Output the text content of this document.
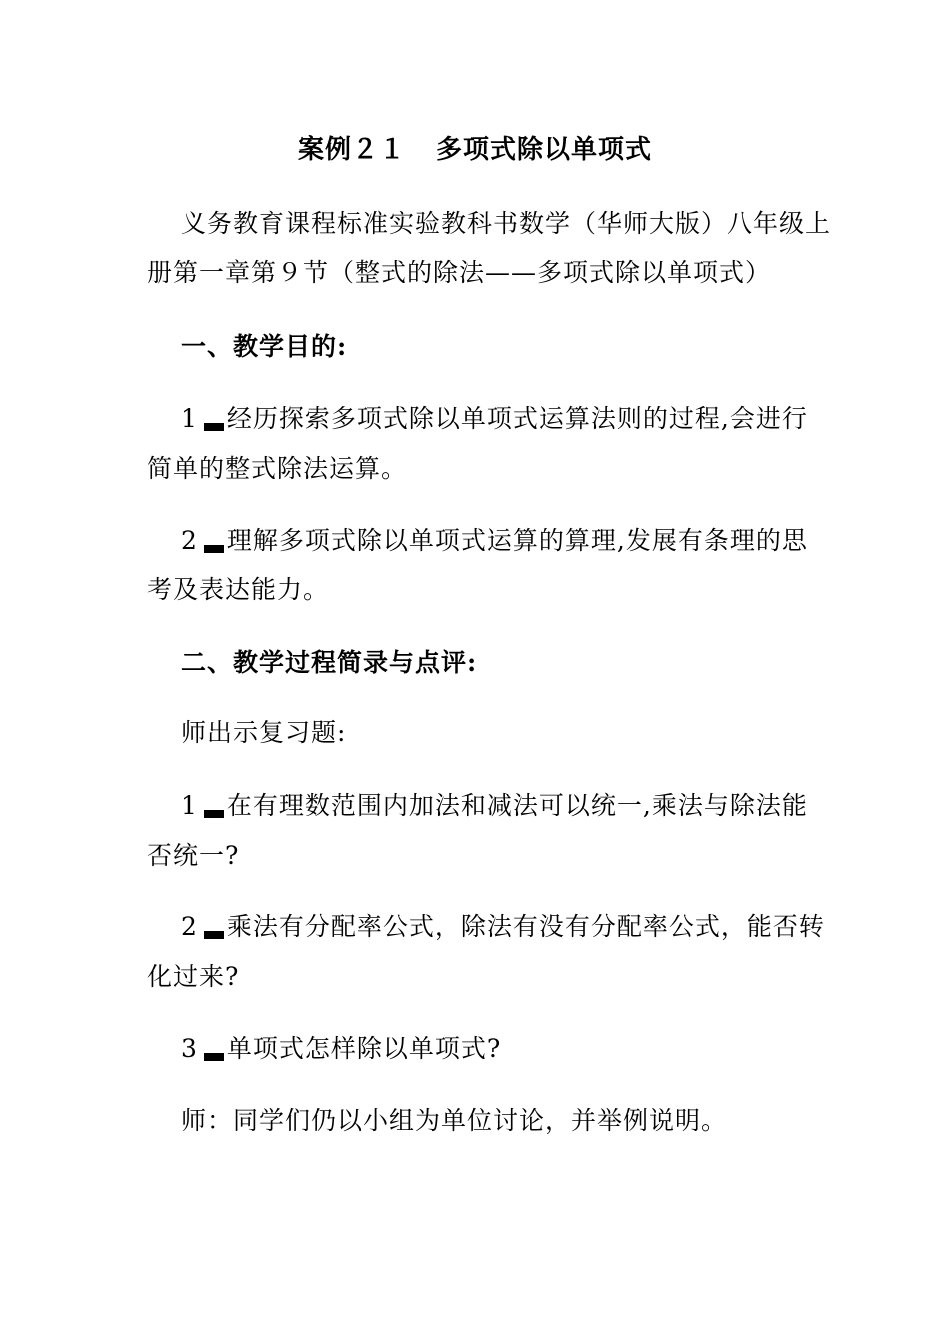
案例２１ 多项式除以单项式
义务教育课程标准实验教科书数学（华师大版）八年级上
册第一章第９节（整式的除法——多项式除以单项式）
一、教学目的:
1 经历探索多项式除以单项式运算法则的过程,会进行
简单的整式除法运算。
2 理解多项式除以单项式运算的算理,发展有条理的思
考及表达能力。
二、教学过程简录与点评:
师出示复习题:
1 在有理数范围内加法和减法可以统一,乘法与除法能
否统一?
2 乘法有分配率公式，除法有没有分配率公式，能否转
化过来?
3 单项式怎样除以单项式?
师：同学们仍以小组为单位讨论，并举例说明。
